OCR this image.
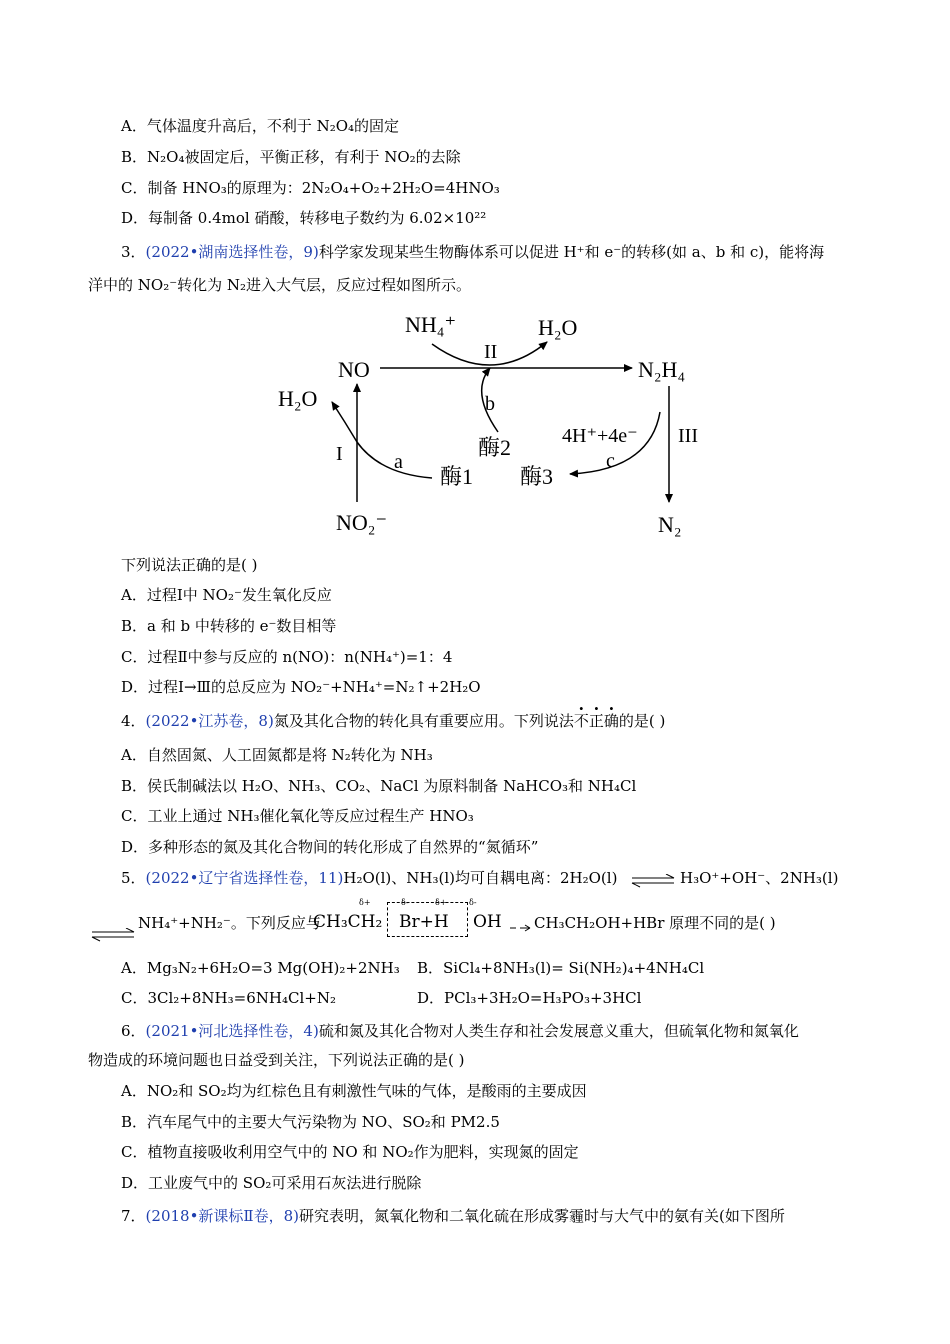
A．气体温度升高后，不利于 N₂O₄的固定
B．N₂O₄被固定后，平衡正移，有利于 NO₂的去除
C．制备 HNO₃的原理为：2N₂O₄+O₂+2H₂O=4HNO₃
D．每制备 0.4mol 硝酸，转移电子数约为 6.02×10²²
3．(2022•湖南选择性卷，9)科学家发现某些生物酶体系可以促进 H⁺和 e⁻的转移(如 a、b 和 c)，能将海
洋中的 NO₂⁻转化为 N₂进入大气层，反应过程如图所示。
NH₄⁺	H₂O
NO
II
N₂H₄
H₂O	b
4H⁺+4e⁻ III
I	a
酶2
c
酶1 酶3
NO₂⁻	N₂
下列说法正确的是( )
A．过程Ⅰ中 NO₂⁻发生氧化反应
B．a 和 b 中转移的 e⁻数目相等
C．过程Ⅱ中参与反应的 n(NO)：n(NH₄⁺)=1：4
D．过程Ⅰ→Ⅲ的总反应为 NO₂⁻+NH₄⁺=N₂↑+2H₂O
4．(2022•江苏卷，8)氮及其化合物的转化具有重要应用。下列说法不正确的是( )
A．自然固氮、人工固氮都是将 N₂转化为 NH₃
B．侯氏制碱法以 H₂O、NH₃、CO₂、NaCl 为原料制备 NaHCO₃和 NH₄Cl
C．工业上通过 NH₃催化氧化等反应过程生产 HNO₃
D．多种形态的氮及其化合物间的转化形成了自然界的“氮循环”
5．(2022•辽宁省选择性卷，11)H₂O(l)、NH₃(l)均可自耦电离：2H₂O(l) ⇌ H₃O⁺+OH⁻、2NH₃(l)
NH₄⁺+NH₂⁻。下列反应与
CH₃CH₂ Br+H OH
δ+	δ-	δ+	δ-
CH₃CH₂OH+HBr 原理不同的是( )
A．Mg₃N₂+6H₂O=3 Mg(OH)₂+2NH₃ B．SiCl₄+8NH₃(l)= Si(NH₂)₄+4NH₄Cl
C．3Cl₂+8NH₃=6NH₄Cl+N₂	D．PCl₃+3H₂O=H₃PO₃+3HCl
6．(2021•河北选择性卷，4)硫和氮及其化合物对人类生存和社会发展意义重大，但硫氧化物和氮氧化
物造成的环境问题也日益受到关注，下列说法正确的是( )
A．NO₂和 SO₂均为红棕色且有刺激性气味的气体，是酸雨的主要成因
B．汽车尾气中的主要大气污染物为 NO、SO₂和 PM2.5
C．植物直接吸收利用空气中的 NO 和 NO₂作为肥料，实现氮的固定
D．工业废气中的 SO₂可采用石灰法进行脱除
7．(2018•新课标Ⅱ卷，8)研究表明，氮氧化物和二氧化硫在形成雾霾时与大气中的氨有关(如下图所
